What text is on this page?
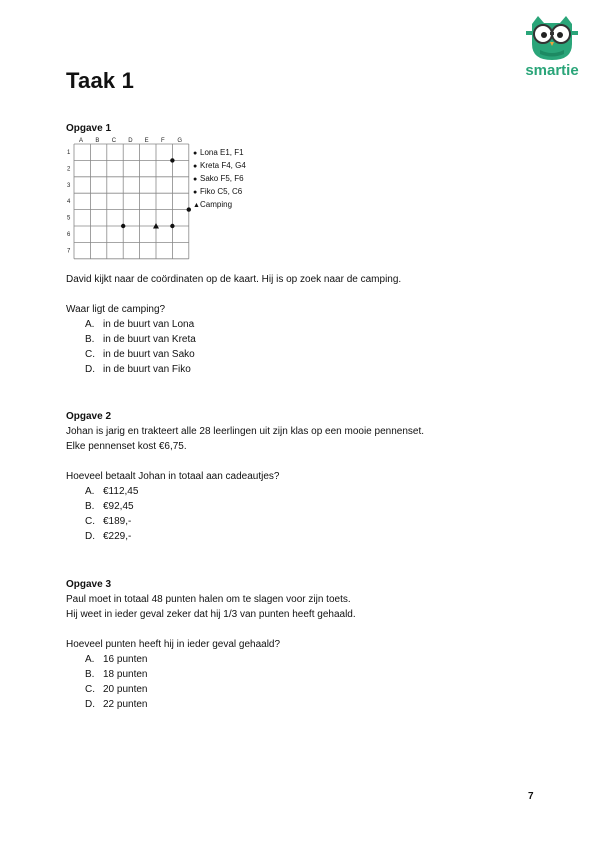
smartie
Taak 1
Opgave 1
A B C D E F G
1
2
3
4
5
6
7
● Lona E1, F1
● Kreta F4, G4
● Sako F5, F6
● Fiko C5, C6
▲Camping
David kijkt naar de coördinaten op de kaart. Hij is op zoek naar de camping.
Waar ligt de camping?
A. in de buurt van Lona
B. in de buurt van Kreta
C. in de buurt van Sako
D. in de buurt van Fiko
Opgave 2
Johan is jarig en trakteert alle 28 leerlingen uit zijn klas op een mooie pennenset.
Elke pennenset kost €6,75.
Hoeveel betaalt Johan in totaal aan cadeautjes?
A. €112,45
B. €92,45
C. €189,-
D. €229,-
Opgave 3
Paul moet in totaal 48 punten halen om te slagen voor zijn toets.
Hij weet in ieder geval zeker dat hij 1/3 van punten heeft gehaald.
Hoeveel punten heeft hij in ieder geval gehaald?
A. 16 punten
B. 18 punten
C. 20 punten
D. 22 punten
7
